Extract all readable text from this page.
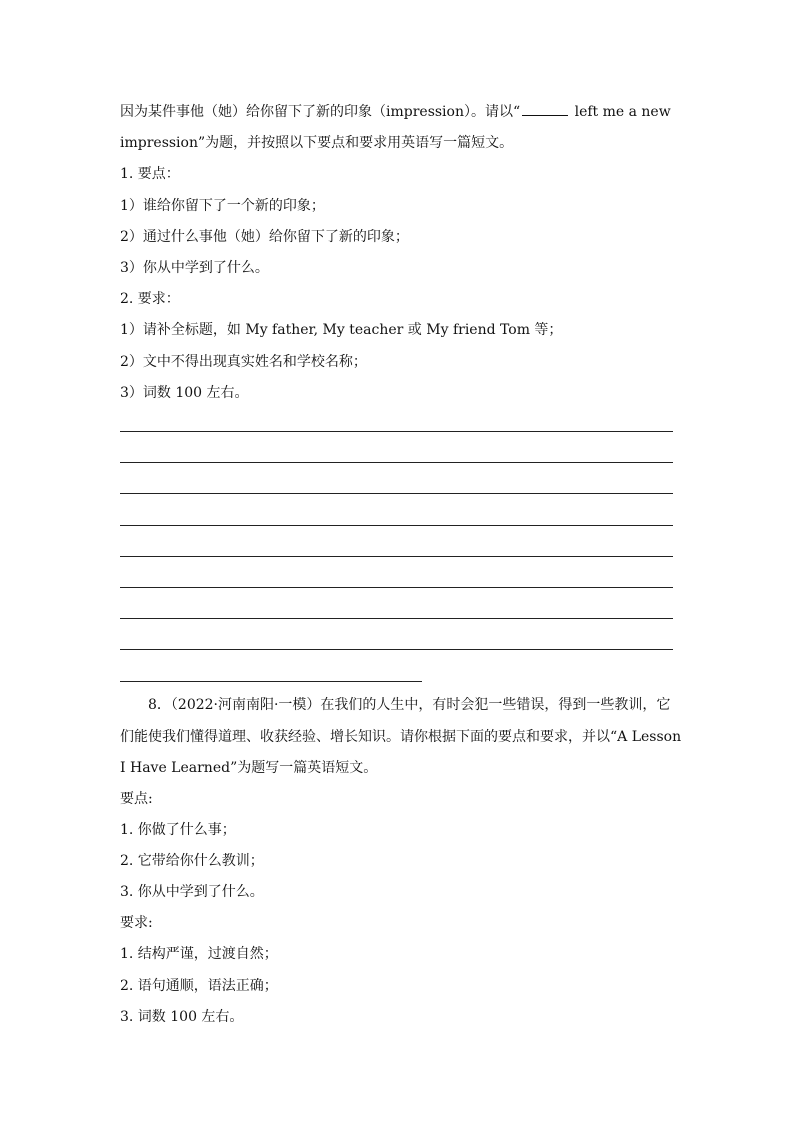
因为某件事他（她）给你留下了新的印象（impression）。请以“	left me a new
impression”为题，并按照以下要点和要求用英语写一篇短文。
1. 要点：
1）谁给你留下了一个新的印象；
2）通过什么事他（她）给你留下了新的印象；
3）你从中学到了什么。
2. 要求：
1）请补全标题，如 My father, My teacher 或 My friend Tom 等；
2）文中不得出现真实姓名和学校名称；
3）词数 100 左右。
8．（2022·河南南阳·一模）在我们的人生中，有时会犯一些错误，得到一些教训，它
们能使我们懂得道理、收获经验、增长知识。请你根据下面的要点和要求，并以“A Lesson
I Have Learned”为题写一篇英语短文。
要点:
1. 你做了什么事；
2. 它带给你什么教训；
3. 你从中学到了什么。
要求:
1. 结构严谨，过渡自然；
2. 语句通顺，语法正确；
3. 词数 100 左右。
